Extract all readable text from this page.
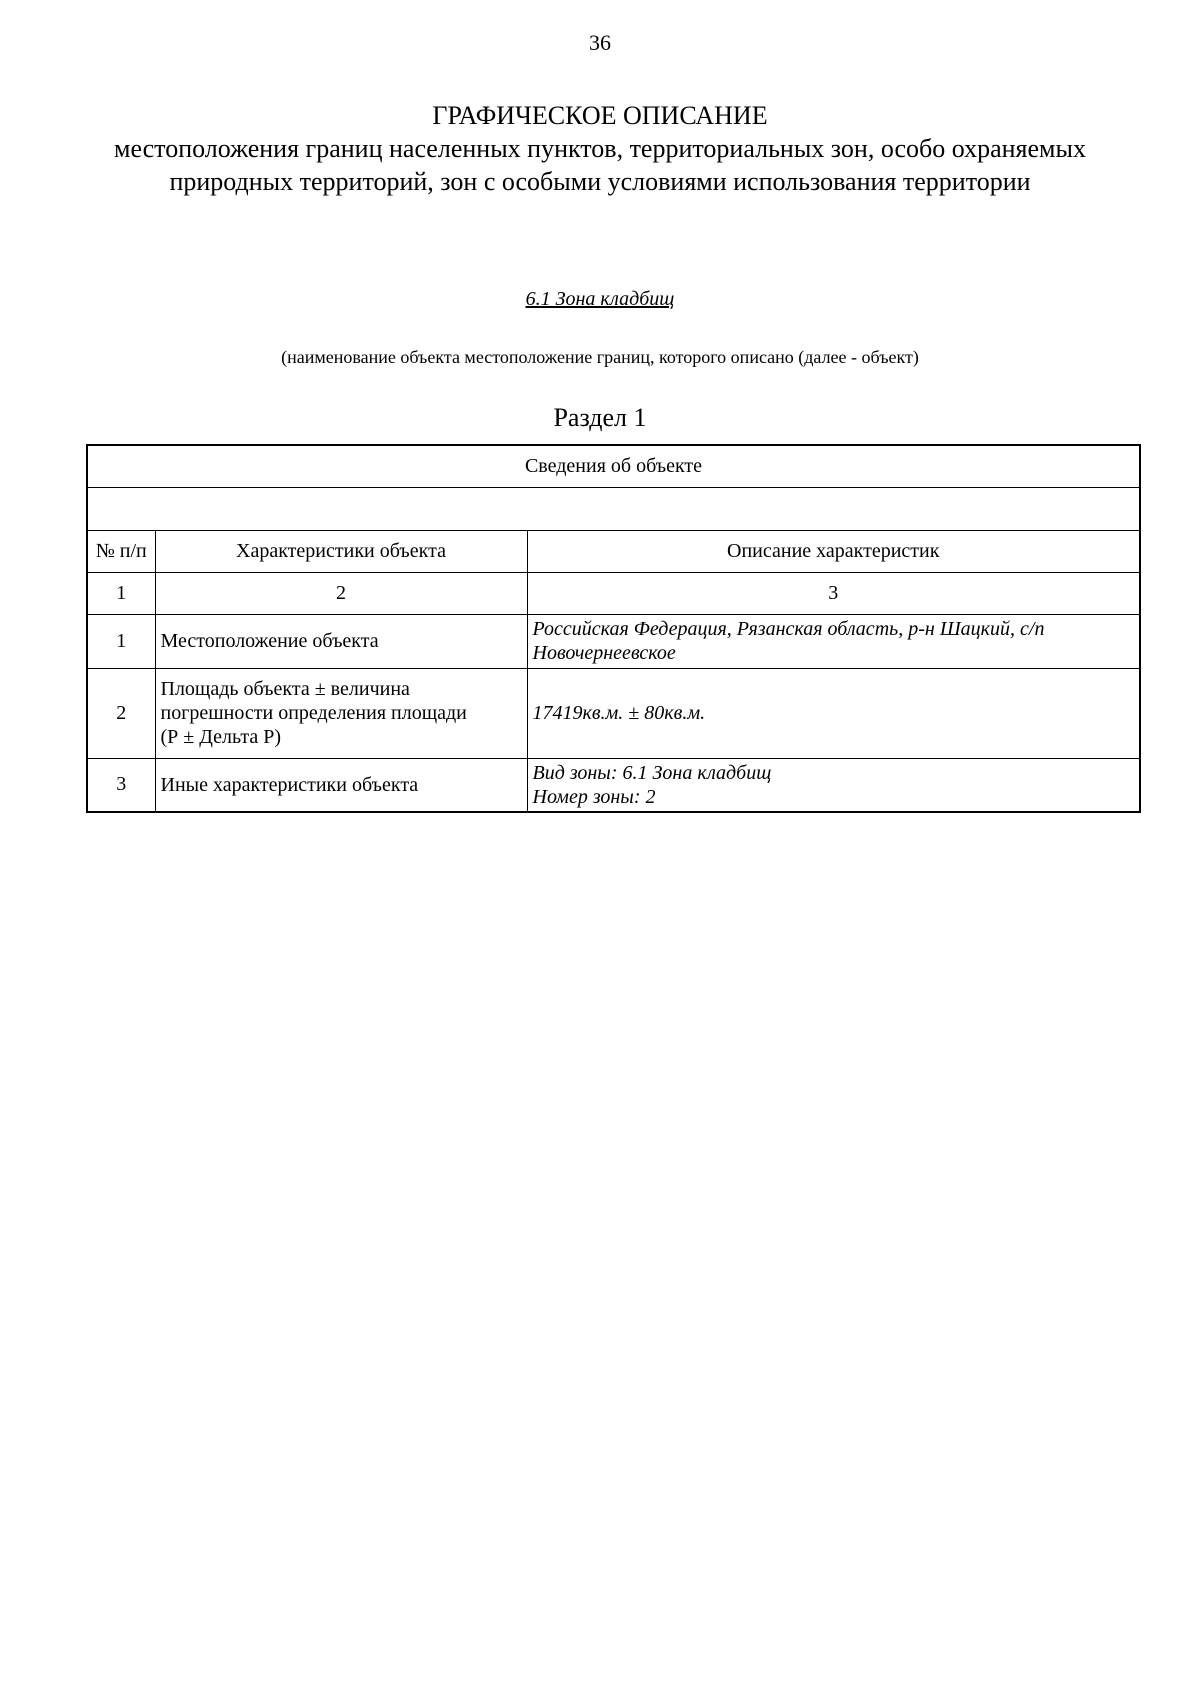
36
ГРАФИЧЕСКОЕ ОПИСАНИЕ
местоположения границ населенных пунктов, территориальных зон, особо охраняемых природных территорий, зон с особыми условиями использования территории
6.1 Зона кладбищ
(наименование объекта местоположение границ, которого описано (далее - объект)
Раздел 1
Сведения об объекте		

№ п/п	Характеристики объекта	Описание характеристик
1	2	3
1	Местоположение объекта	Российская Федерация, Рязанская область, р-н Шацкий, с/п
Новочернеевское

2	Площадь объекта ± величина
погрешности определения площади
(Р ± Дельта Р)	17419кв.м. ± 80кв.м.

3	Иные характеристики объекта	Вид зоны: 6.1 Зона кладбищ
Номер зоны: 2
